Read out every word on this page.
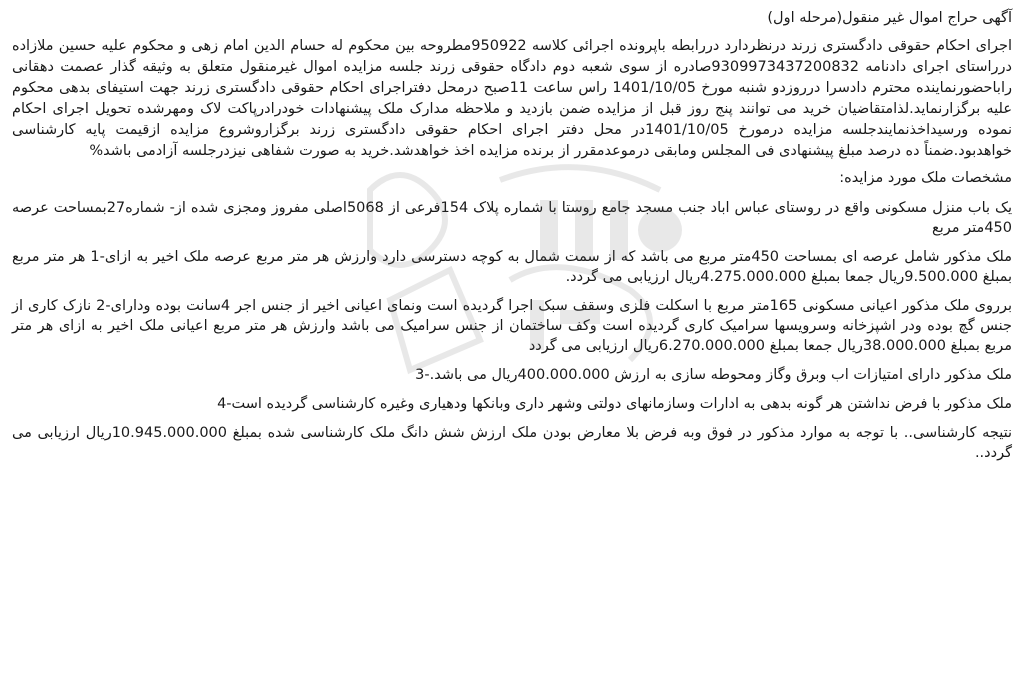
آگهی حراج اموال غیر منقول(مرحله اول)

اجرای احکام حقوقی دادگستری زرند درنظردارد دررابطه باپرونده اجرائی کلاسه 950922مطروحه بین محکوم له حسام الدین امام زهی و محکوم علیه حسین ملازاده درراستای اجرای دادنامه 9309973437200832صادره از سوی شعبه دوم دادگاه حقوقی زرند جلسه مزایده اموال غیرمنقول متعلق به وثیقه گذار عصمت دهقانی راباحضورنماینده محترم دادسرا درروزدو شنبه مورخ 1401/10/05 راس ساعت 11صبح درمحل دفتراجرای احکام حقوقی دادگستری زرند جهت استیفای بدهی محکوم علیه برگزارنماید.لذامتقاضیان خرید می توانند پنج روز قبل از مزایده ضمن بازدید و ملاحظه مدارک ملک پیشنهادات خودرادرپاکت لاک ومهرشده تحویل اجرای احکام نموده ورسیداخذنمایندجلسه مزایده درمورخ 1401/10/05در محل دفتر اجرای احکام حقوقی دادگستری زرند برگزاروشروع مزایده ازقیمت پایه کارشناسی خواهدبود.ضمناً ده درصد مبلغ پیشنهادی فی المجلس ومابقی درموعدمقرر از برنده مزایده اخذ خواهدشد.خرید به صورت شفاهی نیزدرجلسه آزادمی باشد%

مشخصات ملک مورد مزایده:

یک باب منزل مسکونی واقع در روستای عباس اباد جنب مسجد جامع روستا با شماره پلاک 154فرعی از 5068اصلی مفروز ومجزی شده از- شماره27بمساحت عرصه 450متر مربع

ملک مذکور شامل عرصه ای بمساحت 450متر مربع می باشد که از سمت شمال به کوچه دسترسی دارد وارزش هر متر مربع عرصه ملک اخیر به ازای-1 هر متر مربع بمبلغ 9.500.000ریال جمعا بمبلغ 4.275.000.000ریال ارزیابی می گردد.

برروی ملک مذکور اعیانی مسکونی 165متر مربع با اسکلت فلزی وسقف سبک اجرا گردیده است ونمای اعیانی اخیر از جنس اجر 4سانت بوده ودارای-2 نازک کاری از جنس گچ بوده ودر اشپزخانه وسرویسها سرامیک کاری گردیده است وکف ساختمان از جنس سرامیک می باشد وارزش هر متر مربع اعیانی ملک اخیر به ازای هر متر مربع بمبلغ 38.000.000ریال جمعا بمبلغ 6.270.000.000ریال ارزیابی می گردد

ملک مذکور دارای امتیازات اب وبرق وگاز ومحوطه سازی به ارزش 400.000.000ریال می باشد.-3

ملک مذکور با فرض نداشتن هر گونه بدهی به ادارات وسازمانهای دولتی وشهر داری وبانکها ودهیاری وغیره کارشناسی گردیده است-4

نتیجه کارشناسی.. با توجه به موارد مذکور در فوق وبه فرض بلا معارض بودن ملک ارزش شش دانگ ملک کارشناسی شده بمبلغ 10.945.000.000ریال ارزیابی می گردد..
